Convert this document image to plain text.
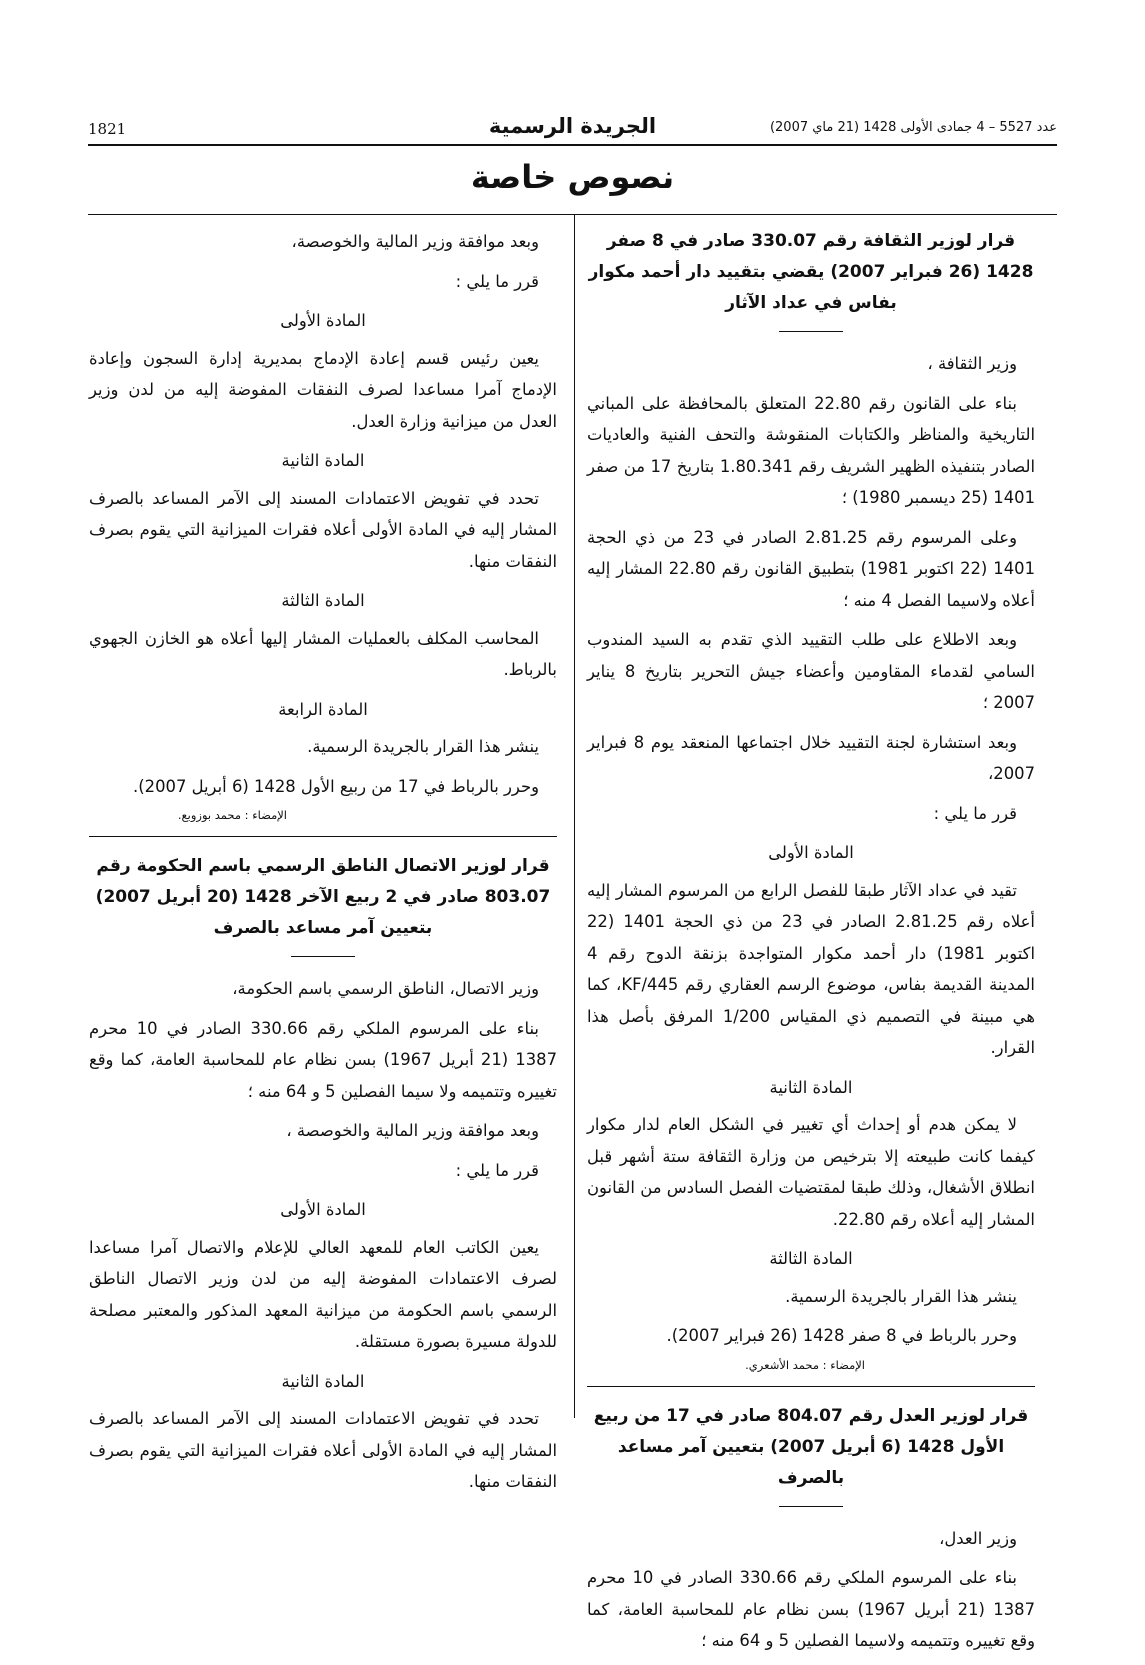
1821	الجريدة الرسمية	عدد 5527 – 4 جمادى الأولى 1428 (21 ماي 2007)
نصوص خاصة

قرار لوزير الثقافة رقم 330.07 صادر في 8 صفر 1428 (26 فبراير 2007) يقضي بتقييد دار أحمد مكوار بفاس في عداد الآثار

وزير الثقافة ،

بناء على القانون رقم 22.80 المتعلق بالمحافظة على المباني التاريخية والمناظر والكتابات المنقوشة والتحف الفنية والعاديات الصادر بتنفيذه الظهير الشريف رقم 1.80.341 بتاريخ 17 من صفر 1401 (25 ديسمبر 1980) ؛

وعلى المرسوم رقم 2.81.25 الصادر في 23 من ذي الحجة 1401 (22 اكتوبر 1981) بتطبيق القانون رقم 22.80 المشار إليه أعلاه ولاسيما الفصل 4 منه ؛

وبعد الاطلاع على طلب التقييد الذي تقدم به السيد المندوب السامي لقدماء المقاومين وأعضاء جيش التحرير بتاريخ 8 يناير 2007 ؛

وبعد استشارة لجنة التقييد خلال اجتماعها المنعقد يوم 8 فبراير 2007،

قرر ما يلي :

المادة الأولى

تقيد في عداد الآثار طبقا للفصل الرابع من المرسوم المشار إليه أعلاه رقم 2.81.25 الصادر في 23 من ذي الحجة 1401 (22 اكتوبر 1981) دار أحمد مكوار المتواجدة بزنقة الدوح رقم 4 المدينة القديمة بفاس، موضوع الرسم العقاري رقم KF/445، كما هي مبينة في التصميم ذي المقياس 1/200 المرفق بأصل هذا القرار.

المادة الثانية

لا يمكن هدم أو إحداث أي تغيير في الشكل العام لدار مكوار كيفما كانت طبيعته إلا بترخيص من وزارة الثقافة ستة أشهر قبل انطلاق الأشغال، وذلك طبقا لمقتضيات الفصل السادس من القانون المشار إليه أعلاه رقم 22.80.

المادة الثالثة

ينشر هذا القرار بالجريدة الرسمية.

وحرر بالرباط في 8 صفر 1428 (26 فبراير 2007).

الإمضاء : محمد الأشعري.

قرار لوزير العدل رقم 804.07 صادر في 17 من ربيع الأول 1428 (6 أبريل 2007) بتعيين آمر مساعد بالصرف

وزير العدل،

بناء على المرسوم الملكي رقم 330.66 الصادر في 10 محرم 1387 (21 أبريل 1967) بسن نظام عام للمحاسبة العامة، كما وقع تغييره وتتميمه ولاسيما الفصلين 5 و 64 منه ؛

وبعد موافقة وزير المالية والخوصصة،

قرر ما يلي :

المادة الأولى

يعين رئيس قسم إعادة الإدماج بمديرية إدارة السجون وإعادة الإدماج آمرا مساعدا لصرف النفقات المفوضة إليه من لدن وزير العدل من ميزانية وزارة العدل.

المادة الثانية

تحدد في تفويض الاعتمادات المسند إلى الآمر المساعد بالصرف المشار إليه في المادة الأولى أعلاه فقرات الميزانية التي يقوم بصرف النفقات منها.

المادة الثالثة

المحاسب المكلف بالعمليات المشار إليها أعلاه هو الخازن الجهوي بالرباط.

المادة الرابعة

ينشر هذا القرار بالجريدة الرسمية.

وحرر بالرباط في 17 من ربيع الأول 1428 (6 أبريل 2007).

الإمضاء : محمد بوزوبع.

قرار لوزير الاتصال الناطق الرسمي باسم الحكومة رقم 803.07 صادر في 2 ربيع الآخر 1428 (20 أبريل 2007) بتعيين آمر مساعد بالصرف

وزير الاتصال، الناطق الرسمي باسم الحكومة،

بناء على المرسوم الملكي رقم 330.66 الصادر في 10 محرم 1387 (21 أبريل 1967) بسن نظام عام للمحاسبة العامة، كما وقع تغييره وتتميمه ولا سيما الفصلين 5 و 64 منه ؛

وبعد موافقة وزير المالية والخوصصة ،

قرر ما يلي :

المادة الأولى

يعين الكاتب العام للمعهد العالي للإعلام والاتصال آمرا مساعدا لصرف الاعتمادات المفوضة إليه من لدن وزير الاتصال الناطق الرسمي باسم الحكومة من ميزانية المعهد المذكور والمعتبر مصلحة للدولة مسيرة بصورة مستقلة.

المادة الثانية

تحدد في تفويض الاعتمادات المسند إلى الآمر المساعد بالصرف المشار إليه في المادة الأولى أعلاه فقرات الميزانية التي يقوم بصرف النفقات منها.
